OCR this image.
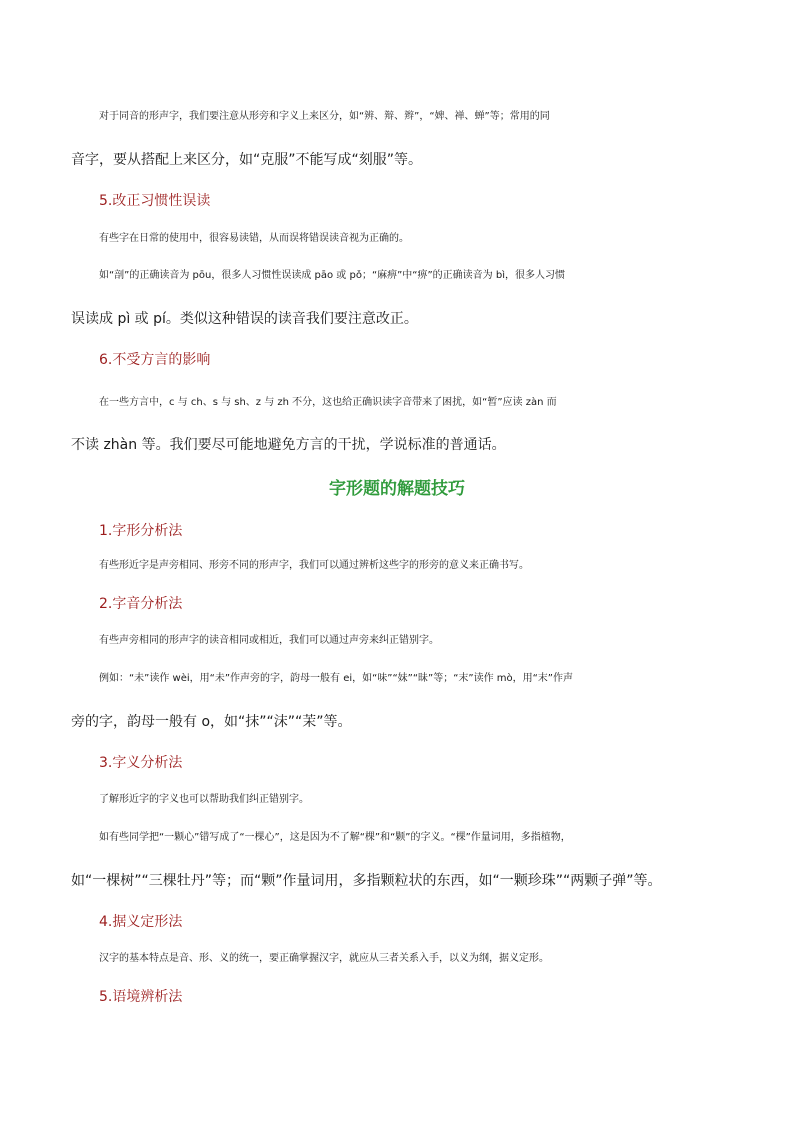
对于同音的形声字，我们要注意从形旁和字义上来区分，如“辨、辩、辫”，“婢、禅、蝉”等；常用的同
音字，要从搭配上来区分，如“克服”不能写成“刻服”等。
5.改正习惯性误读
有些字在日常的使用中，很容易读错，从而误将错误读音视为正确的。
如“剖”的正确读音为 pōu，很多人习惯性误读成 pāo 或 pǒ；“麻痹”中“痹”的正确读音为 bì，很多人习惯
误读成 pì 或 pí。类似这种错误的读音我们要注意改正。
6.不受方言的影响
在一些方言中，c 与 ch、s 与 sh、z 与 zh 不分，这也给正确识读字音带来了困扰，如“暂”应读 zàn 而
不读 zhàn 等。我们要尽可能地避免方言的干扰，学说标准的普通话。
字形题的解题技巧
1.字形分析法
有些形近字是声旁相同、形旁不同的形声字，我们可以通过辨析这些字的形旁的意义来正确书写。
2.字音分析法
有些声旁相同的形声字的读音相同或相近，我们可以通过声旁来纠正错别字。
例如：“未”读作 wèi，用“未”作声旁的字，韵母一般有 ei，如“味”“妹”“昧”等；“末”读作 mò，用“末”作声
旁的字，韵母一般有 o，如“抹”“沫”“茉”等。
3.字义分析法
了解形近字的字义也可以帮助我们纠正错别字。
如有些同学把“一颗心”错写成了“一棵心”，这是因为不了解“棵”和“颗”的字义。“棵”作量词用，多指植物，
如“一棵树”“三棵牡丹”等；而“颗”作量词用，多指颗粒状的东西，如“一颗珍珠”“两颗子弹”等。
4.据义定形法
汉字的基本特点是音、形、义的统一，要正确掌握汉字，就应从三者关系入手，以义为纲，据义定形。
5.语境辨析法
